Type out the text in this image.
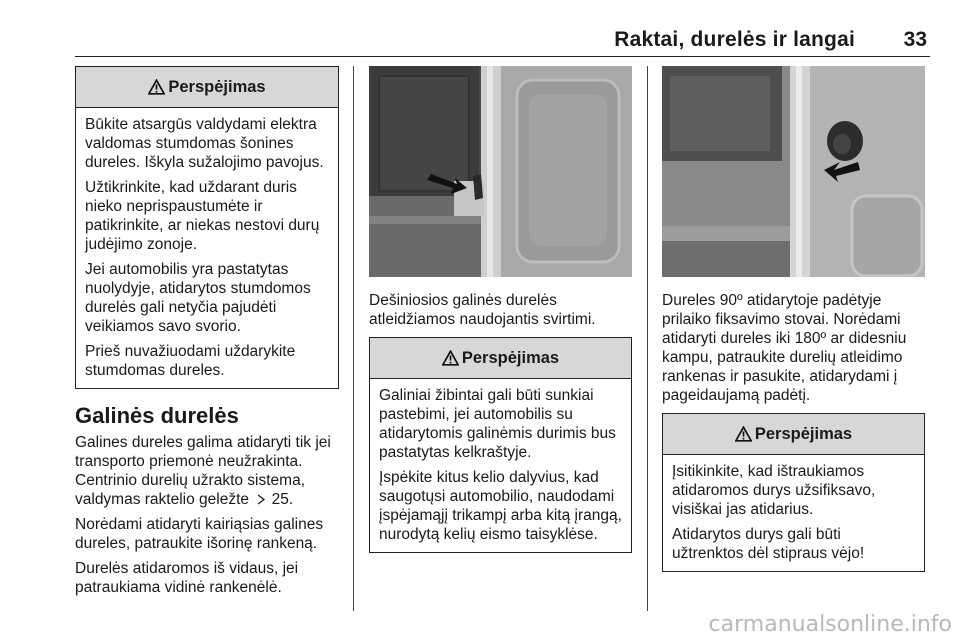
Raktai, durelės ir langai 33
Perspėjimas

Būkite atsargūs valdydami elektra valdomas stumdomas šonines dureles. Iškyla sužalojimo pavojus.

Užtikrinkite, kad uždarant duris nieko neprispaustumėte ir patikrinkite, ar niekas nestovi durų judėjimo zonoje.

Jei automobilis yra pastatytas nuolydyje, atidarytos stumdomos durelės gali netyčia pajudėti veikiamos savo svorio.

Prieš nuvažiuodami uždarykite stumdomas dureles.

Galinės durelės

Galines dureles galima atidaryti tik jei transporto priemonė neužrakinta. Centrinio durelių užrakto sistema, valdymas raktelio geležte 25.

Norėdami atidaryti kairiąsias galines dureles, patraukite išorinę rankeną.

Durelės atidaromos iš vidaus, jei patraukiama vidinė rankenėlė.

Dešiniosios galinės durelės atleidžiamos naudojantis svirtimi.

Perspėjimas

Galiniai žibintai gali būti sunkiai pastebimi, jei automobilis su atidarytomis galinėmis durimis bus pastatytas kelkraštyje.

Įspėkite kitus kelio dalyvius, kad saugotųsi automobilio, naudodami įspėjamąjį trikampį arba kitą įrangą, nurodytą kelių eismo taisyklėse.

Dureles 90º atidarytoje padėtyje prilaiko fiksavimo stovai. Norėdami atidaryti dureles iki 180º ar didesniu kampu, patraukite durelių atleidimo rankenas ir pasukite, atidarydami į pageidaujamą padėtį.

Perspėjimas

Įsitikinkite, kad ištraukiamos atidaromos durys užsifiksavo, visiškai jas atidarius.

Atidarytos durys gali būti užtrenktos dėl stipraus vėjo!

carmanualsonline.info
